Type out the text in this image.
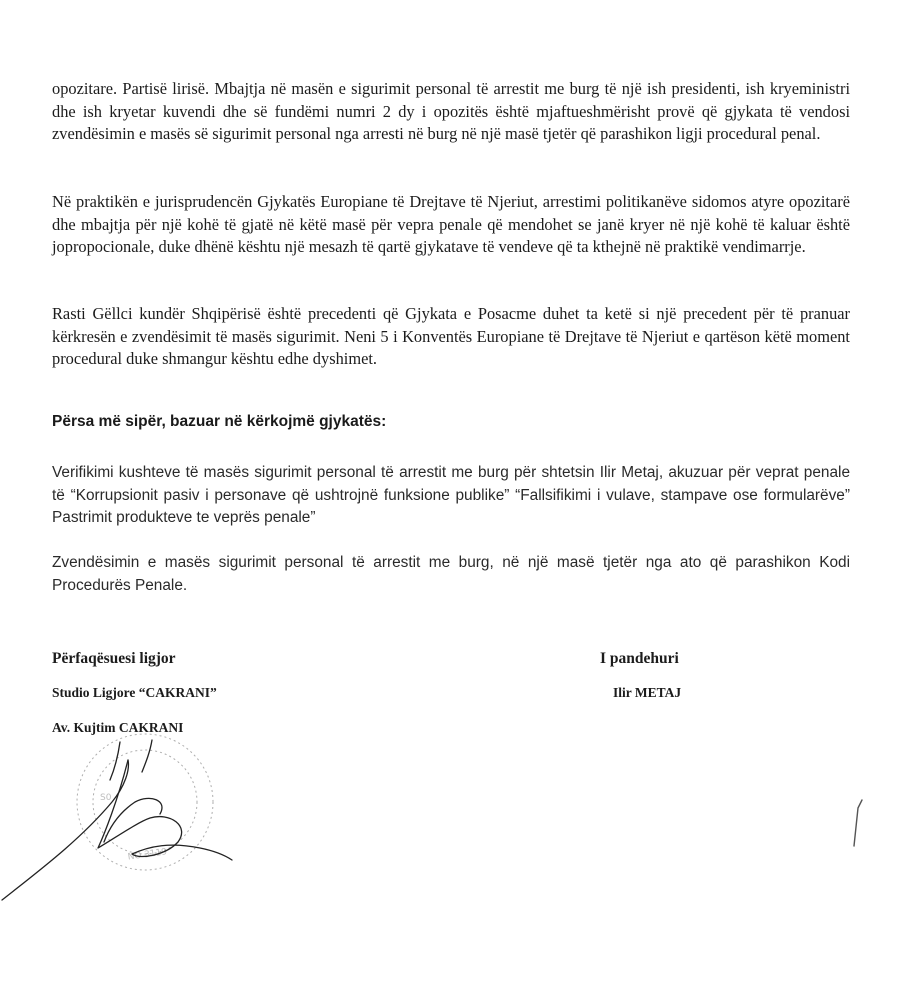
opozitare. Partisë lirisë. Mbajtja në masën e sigurimit personal të arrestit me burg të një ish presidenti, ish kryeministri dhe ish kryetar kuvendi dhe së fundëmi numri 2 dy i opozitës është mjaftueshmërisht provë që gjykata të vendosi zvendësimin e masës së sigurimit personal nga arresti në burg në një masë tjetër që parashikon ligji procedural penal.

Në praktikën e jurisprudencën Gjykatës Europiane të Drejtave të Njeriut, arrestimi politikanëve sidomos atyre opozitarë dhe mbajtja për një kohë të gjatë në këtë masë për vepra penale që mendohet se janë kryer në një kohë të kaluar është jopropocionale, duke dhënë kështu një mesazh të qartë gjykatave të vendeve që ta kthejnë në praktikë vendimarrje.

Rasti Gëllci kundër Shqipërisë është precedenti që Gjykata e Posacme duhet ta ketë si një precedent për të pranuar kërkresën e zvendësimit të masës sigurimit. Neni 5 i Konventës Europiane të Drejtave të Njeriut e qartëson këtë moment procedural duke shmangur kështu edhe dyshimet.

Përsa më sipër, bazuar në kërkojmë gjykatës:

Verifikimi kushteve të masës sigurimit personal të arrestit me burg për shtetsin Ilir Metaj, akuzuar për veprat penale të “Korrupsionit pasiv i personave që ushtrojnë funksione publike” “Fallsifikimi i vulave, stampave ose formularëve” Pastrimit produkteve te veprës penale”

Zvendësimin e masës sigurimit personal të arrestit me burg, në një masë tjetër nga ato që parashikon Kodi Procedurës Penale.

Përfaqësuesi ligjor
Studio Ligjore “CAKRANI”
Av. Kujtim CAKRANI
I pandehuri
Ilir METAJ
S0
NO 3119
